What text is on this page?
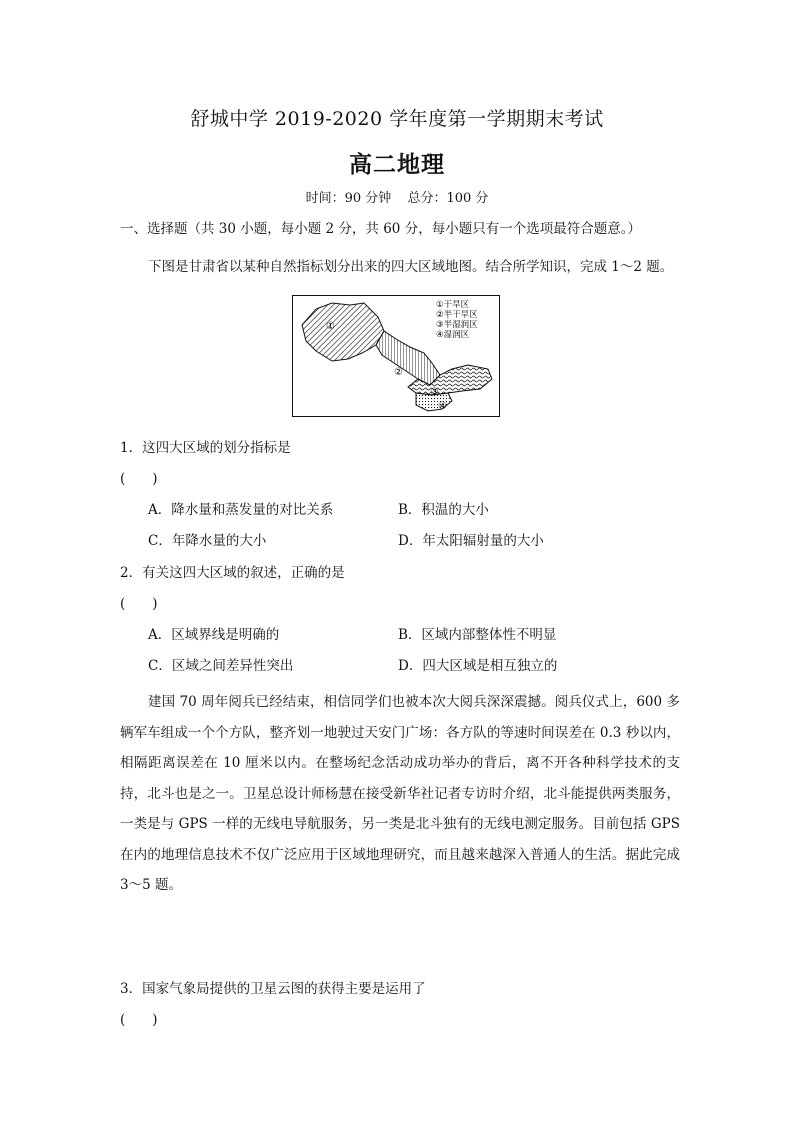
舒城中学 2019-2020 学年度第一学期期末考试
高二地理
时间：90 分钟 总分：100 分
一、选择题（共 30 小题，每小题 2 分，共 60 分，每小题只有一个选项最符合题意。）
下图是甘肃省以某种自然指标划分出来的四大区域地图。结合所学知识，完成 1～2 题。
①
②
③
④
①干旱区
②半干旱区
③半湿润区
④湿润区
1．这四大区域的划分指标是
(　　)
A．降水量和蒸发量的对比关系	B．积温的大小
C．年降水量的大小	D．年太阳辐射量的大小
2．有关这四大区域的叙述，正确的是
(　　)
A．区域界线是明确的	B．区域内部整体性不明显
C．区域之间差异性突出	D．四大区域是相互独立的
建国 70 周年阅兵已经结束，相信同学们也被本次大阅兵深深震撼。阅兵仪式上，600 多辆军车组成一个个方队，整齐划一地驶过天安门广场：各方队的等速时间误差在 0.3 秒以内，相隔距离误差在 10 厘米以内。在整场纪念活动成功举办的背后，离不开各种科学技术的支持，北斗也是之一。卫星总设计师杨慧在接受新华社记者专访时介绍，北斗能提供两类服务，一类是与 GPS 一样的无线电导航服务，另一类是北斗独有的无线电测定服务。目前包括 GPS 在内的地理信息技术不仅广泛应用于区域地理研究，而且越来越深入普通人的生活。据此完成 3～5 题。
3．国家气象局提供的卫星云图的获得主要是运用了
(　　)
